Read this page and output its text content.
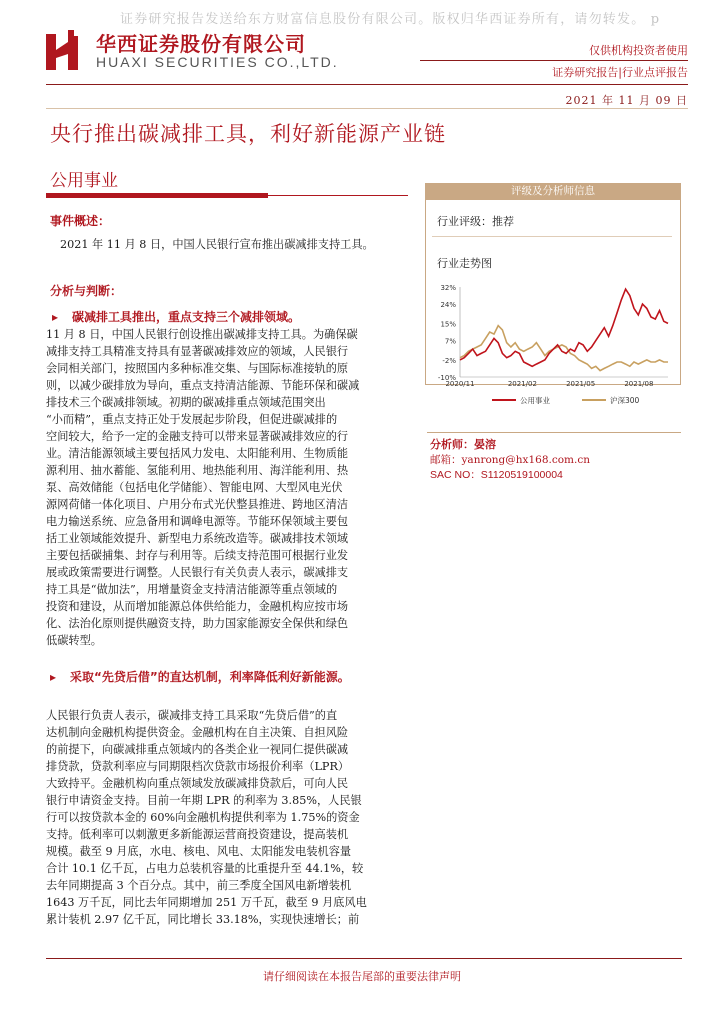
证券研究报告发送给东方财富信息股份有限公司。版权归华西证券所有，请勿转发。 p
华西证券股份有限公司
HUAXI SECURITIES CO.,LTD.
仅供机构投资者使用
证券研究报告|行业点评报告
2021 年 11 月 09 日
央行推出碳减排工具，利好新能源产业链
公用事业
事件概述：
2021 年 11 月 8 日，中国人民银行宣布推出碳减排支持工具。
分析与判断：
▸ 碳减排工具推出，重点支持三个减排领域。
11 月 8 日，中国人民银行创设推出碳减排支持工具。为确保碳
减排支持工具精准支持具有显著碳减排效应的领域，人民银行
会同相关部门，按照国内多种标准交集、与国际标准接轨的原
则，以减少碳排放为导向，重点支持清洁能源、节能环保和碳减
排技术三个碳减排领域。初期的碳减排重点领域范围突出
“小而精”，重点支持正处于发展起步阶段，但促进碳减排的
空间较大，给予一定的金融支持可以带来显著碳减排效应的行
业。清洁能源领域主要包括风力发电、太阳能利用、生物质能
源利用、抽水蓄能、氢能利用、地热能利用、海洋能利用、热
泵、高效储能（包括电化学储能）、智能电网、大型风电光伏
源网荷储一体化项目、户用分布式光伏整县推进、跨地区清洁
电力输送系统、应急备用和调峰电源等。节能环保领域主要包
括工业领域能效提升、新型电力系统改造等。碳减排技术领域
主要包括碳捕集、封存与利用等。后续支持范围可根据行业发
展或政策需要进行调整。人民银行有关负责人表示，碳减排支
持工具是“做加法”，用增量资金支持清洁能源等重点领域的
投资和建设，从而增加能源总体供给能力，金融机构应按市场
化、法治化原则提供融资支持，助力国家能源安全保供和绿色
低碳转型。
▸ 采取“先贷后借”的直达机制，利率降低利好新能源。
人民银行负责人表示，碳减排支持工具采取“先贷后借”的直
达机制向金融机构提供资金。金融机构在自主决策、自担风险
的前提下，向碳减排重点领域内的各类企业一视同仁提供碳减
排贷款，贷款利率应与同期限档次贷款市场报价利率（LPR）
大致持平。金融机构向重点领域发放碳减排贷款后，可向人民
银行申请资金支持。目前一年期 LPR 的利率为 3.85%，人民银
行可以按贷款本金的 60%向金融机构提供利率为 1.75%的资金
支持。低利率可以刺激更多新能源运营商投资建设，提高装机
规模。截至 9 月底，水电、核电、风电、太阳能发电装机容量
合计 10.1 亿千瓦，占电力总装机容量的比重提升至 44.1%，较
去年同期提高 3 个百分点。其中，前三季度全国风电新增装机
1643 万千瓦，同比去年同期增加 251 万千瓦，截至 9 月底风电
累计装机 2.97 亿千瓦，同比增长 33.18%，实现快速增长；前
评级及分析师信息
行业评级：推荐
行业走势图
32%
24%
15%
7%
-2%
-10%
2020/11	2021/02	2021/05	2021/08
公用事业	沪深300
分析师：晏溶
邮箱：yanrong@hx168.com.cn
SAC NO：S1120519100004
请仔细阅读在本报告尾部的重要法律声明
